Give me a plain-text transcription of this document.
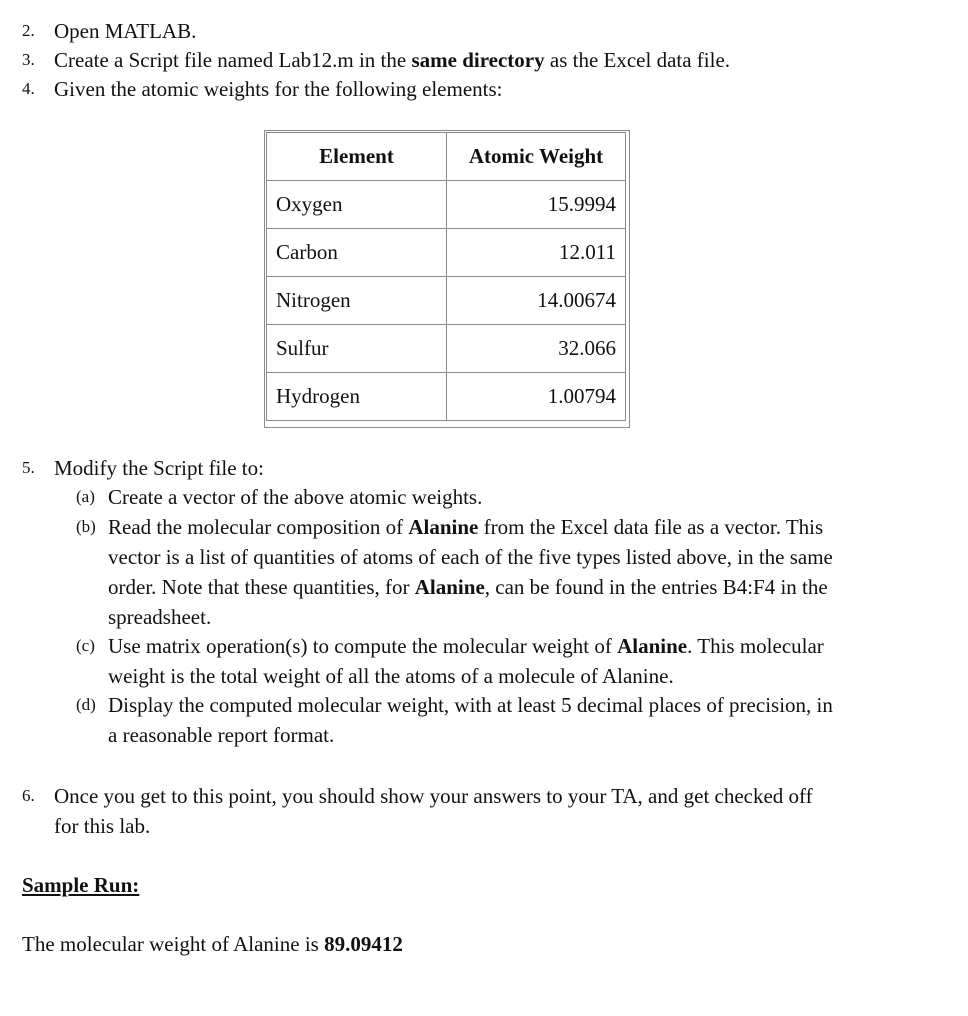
2. Open MATLAB.
3. Create a Script file named Lab12.m in the same directory as the Excel data file.
4. Given the atomic weights for the following elements:
Element	Atomic Weight
Oxygen	15.9994
Carbon	12.011
Nitrogen	14.00674
Sulfur	32.066
Hydrogen	1.00794
5. Modify the Script file to:
(a) Create a vector of the above atomic weights.

(b) Read the molecular composition of Alanine from the Excel data file as a vector. This

vector is a list of quantities of atoms of each of the five types listed above, in the same

order. Note that these quantities, for Alanine, can be found in the entries B4:F4 in the

spreadsheet.

(c) Use matrix operation(s) to compute the molecular weight of Alanine. This molecular

weight is the total weight of all the atoms of a molecule of Alanine.

(d) Display the computed molecular weight, with at least 5 decimal places of precision, in

a reasonable report format.

6. Once you get to this point, you should show your answers to your TA, and get checked off
for this lab.
Sample Run:
The molecular weight of Alanine is 89.09412
